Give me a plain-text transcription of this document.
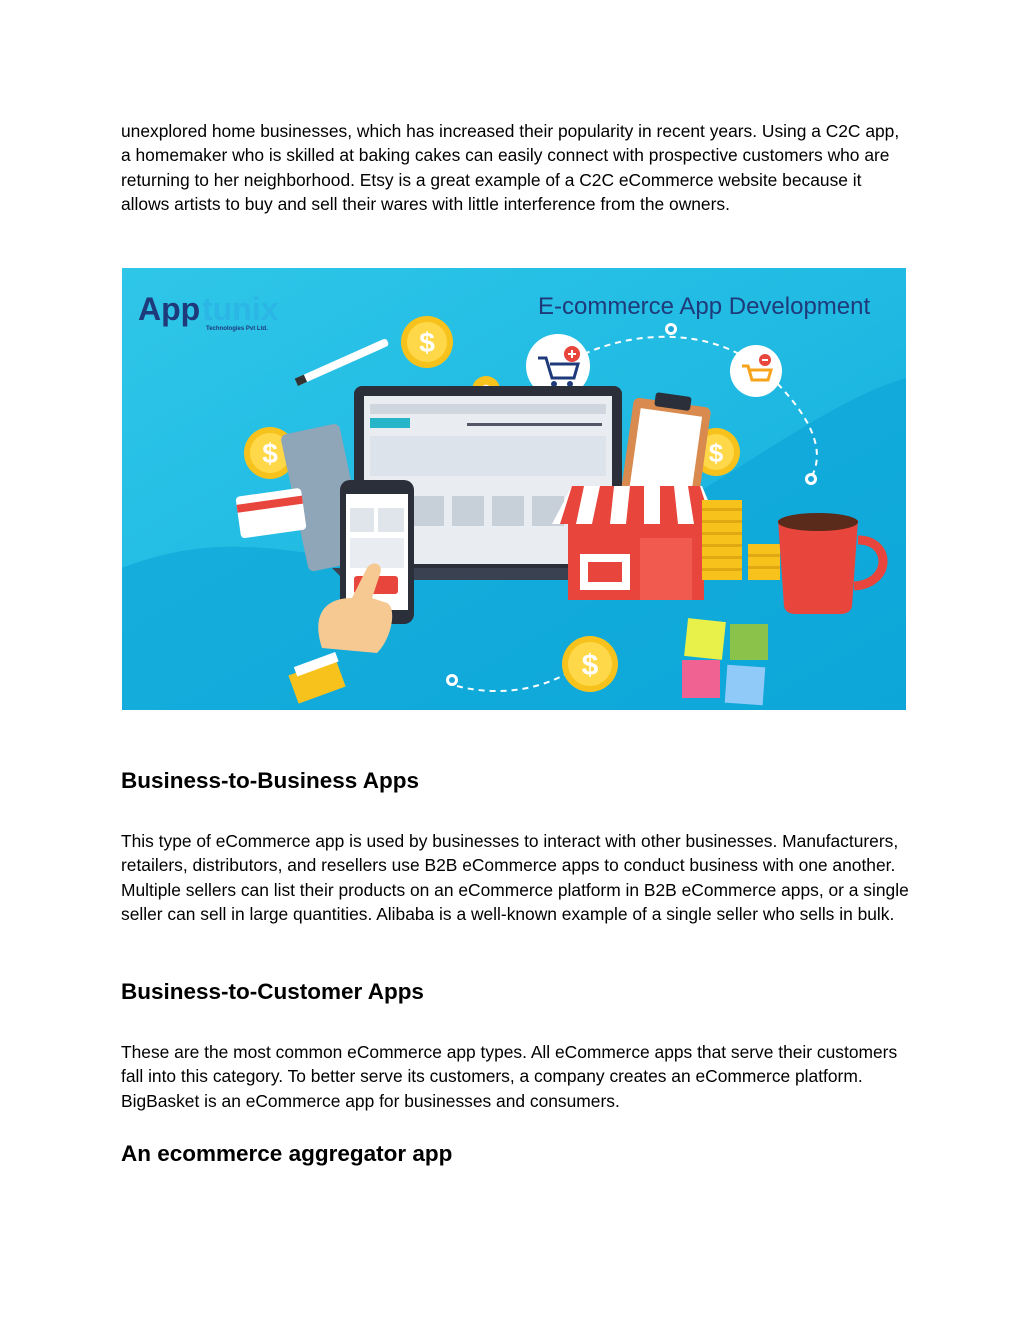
unexplored home businesses, which has increased their popularity in recent years. Using a C2C app, a homemaker who is skilled at baking cakes can easily connect with prospective customers who are returning to her neighborhood. Etsy is a great example of a C2C eCommerce website because it allows artists to buy and sell their wares with little interference from the owners.

App tunix
Technologies Pvt Ltd.
E-commerce App Development
$
$	$
$
Business-to-Business Apps

This type of eCommerce app is used by businesses to interact with other businesses. Manufacturers, retailers, distributors, and resellers use B2B eCommerce apps to conduct business with one another. Multiple sellers can list their products on an eCommerce platform in B2B eCommerce apps, or a single seller can sell in large quantities. Alibaba is a well-known example of a single seller who sells in bulk.

Business-to-Customer Apps

These are the most common eCommerce app types. All eCommerce apps that serve their customers fall into this category. To better serve its customers, a company creates an eCommerce platform. BigBasket is an eCommerce app for businesses and consumers.

An ecommerce aggregator app
